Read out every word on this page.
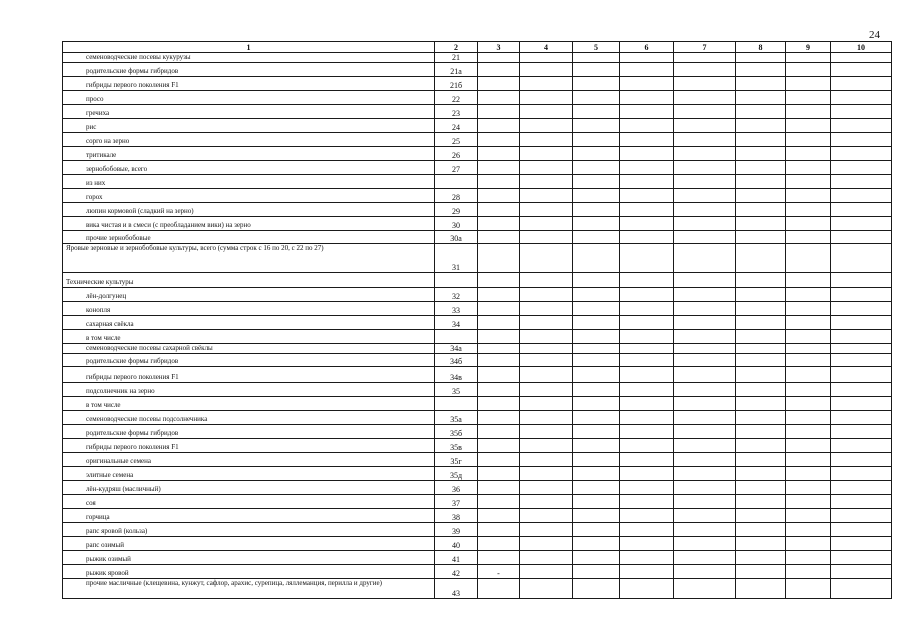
24
1	2	3	4	5	6	7	8	9	10
семеноводческие посевы кукурузы	21								
родительские формы гибридов	21а								
гибриды первого поколения F1	21б								
просо	22								
гречиха	23								
рис	24								
сорго на зерно	25								
тритикале	26								
зернобобовые, всего	27								
из них									
горох	28								
люпин кормовой (сладкий на зерно)	29								
вика чистая и в смеси (с преобладанием вики) на зерно	30								
прочие зернобобовые	30а								
Яровые зерновые и зернобобовые культуры, всего (сумма строк с 16 по 20, с 22 по 27)	31								
Технические культуры									
лён-долгунец	32								
конопля	33								
сахарная свёкла	34								
в том числе									
семеноводческие посевы сахарной свёклы	34а								
родительские формы гибридов	34б								
гибриды первого поколения F1	34в								
подсолнечник на зерно	35								
в том числе									
семеноводческие посевы подсолнечника	35а								
родительские формы гибридов	35б								
гибриды первого поколения F1	35в								
оригинальные семена	35г								
элитные семена	35д								
лён-кудряш (масличный)	36								
соя	37								
горчица	38								
рапс яровой (кольза)	39								
рапс озимый	40								
рыжик озимый	41								
рыжик яровой	42	-							
прочие масличные (клещевина, кунжут, сафлор, арахис, сурепица, ляллеманция, перилла и другие)	43								
